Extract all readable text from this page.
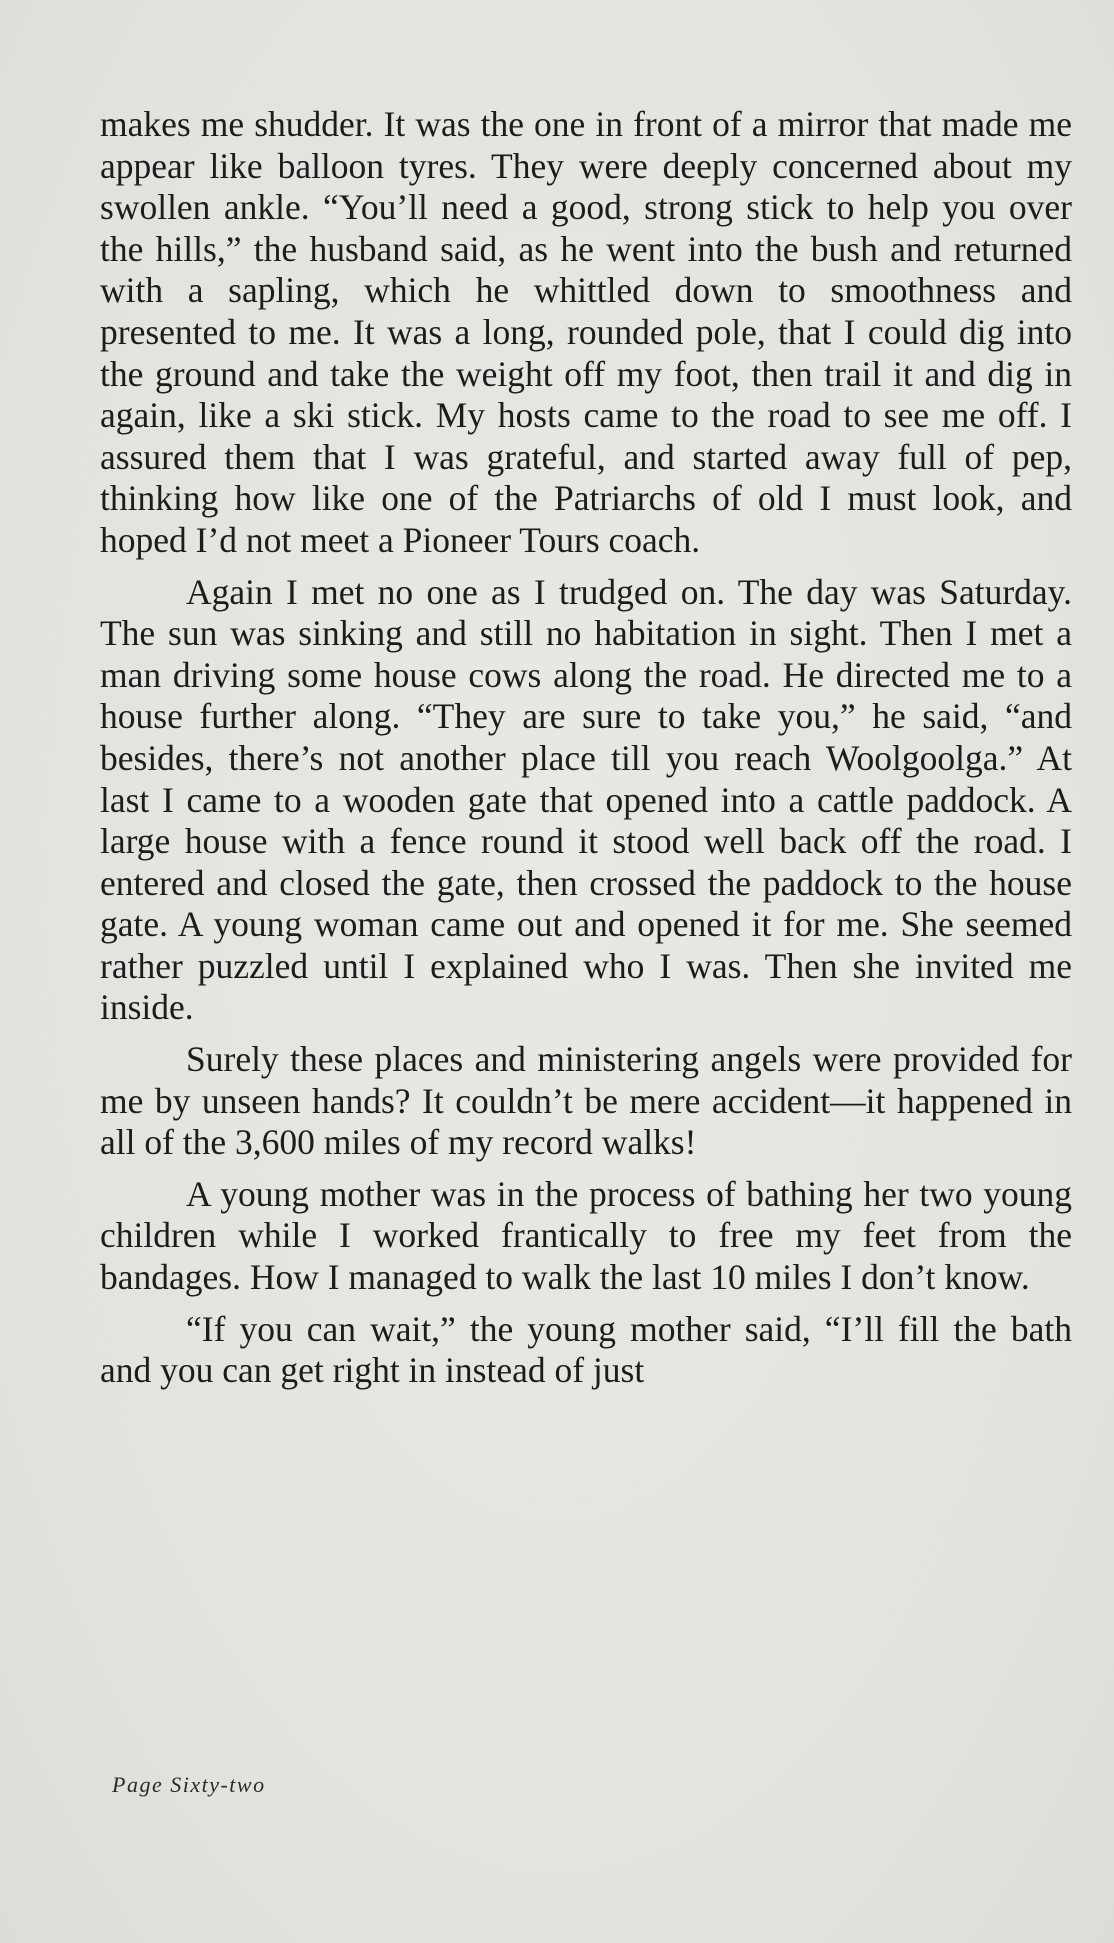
makes me shudder. It was the one in front of a mirror that made me appear like balloon tyres. They were deeply concerned about my swollen ankle. “You’ll need a good, strong stick to help you over the hills,” the husband said, as he went into the bush and returned with a sapling, which he whittled down to smoothness and presented to me. It was a long, rounded pole, that I could dig into the ground and take the weight off my foot, then trail it and dig in again, like a ski stick. My hosts came to the road to see me off. I assured them that I was grateful, and started away full of pep, thinking how like one of the Patriarchs of old I must look, and hoped I’d not meet a Pioneer Tours coach.

Again I met no one as I trudged on. The day was Saturday. The sun was sinking and still no habitation in sight. Then I met a man driving some house cows along the road. He directed me to a house further along. “They are sure to take you,” he said, “and besides, there’s not another place till you reach Woolgoolga.” At last I came to a wooden gate that opened into a cattle paddock. A large house with a fence round it stood well back off the road. I entered and closed the gate, then crossed the paddock to the house gate. A young woman came out and opened it for me. She seemed rather puzzled until I explained who I was. Then she invited me inside.

Surely these places and ministering angels were provided for me by unseen hands? It couldn’t be mere accident—it happened in all of the 3,600 miles of my record walks!

A young mother was in the process of bathing her two young children while I worked frantically to free my feet from the bandages. How I managed to walk the last 10 miles I don’t know.

“If you can wait,” the young mother said, “I’ll fill the bath and you can get right in instead of just

Page Sixty-two
